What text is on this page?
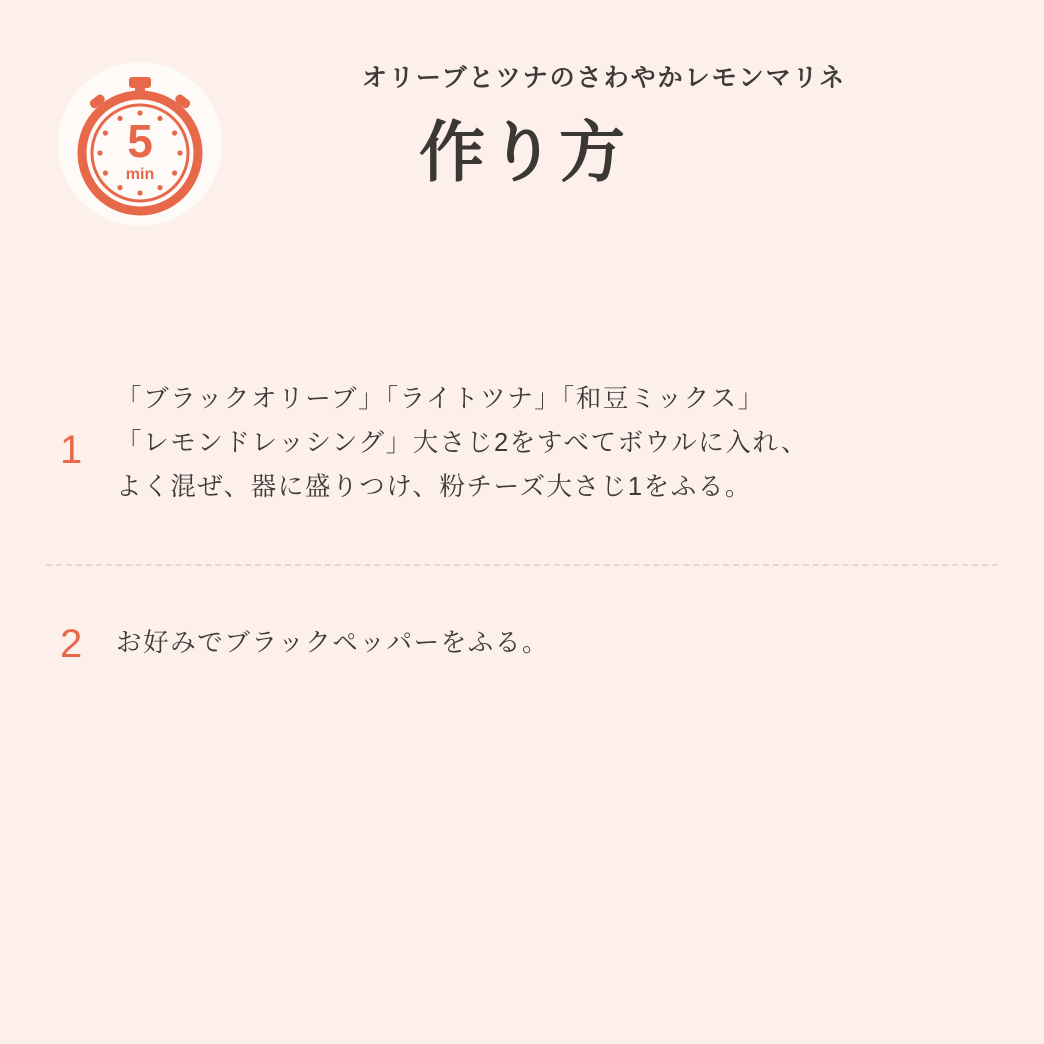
5
min
オリーブとツナのさわやかレモンマリネ
作り方
1
「ブラックオリーブ」「ライトツナ」「和豆ミックス」
「レモンドレッシング」大さじ2をすべてボウルに入れ、
よく混ぜ、器に盛りつけ、粉チーズ大さじ1をふる。
2	お好みでブラックペッパーをふる。
